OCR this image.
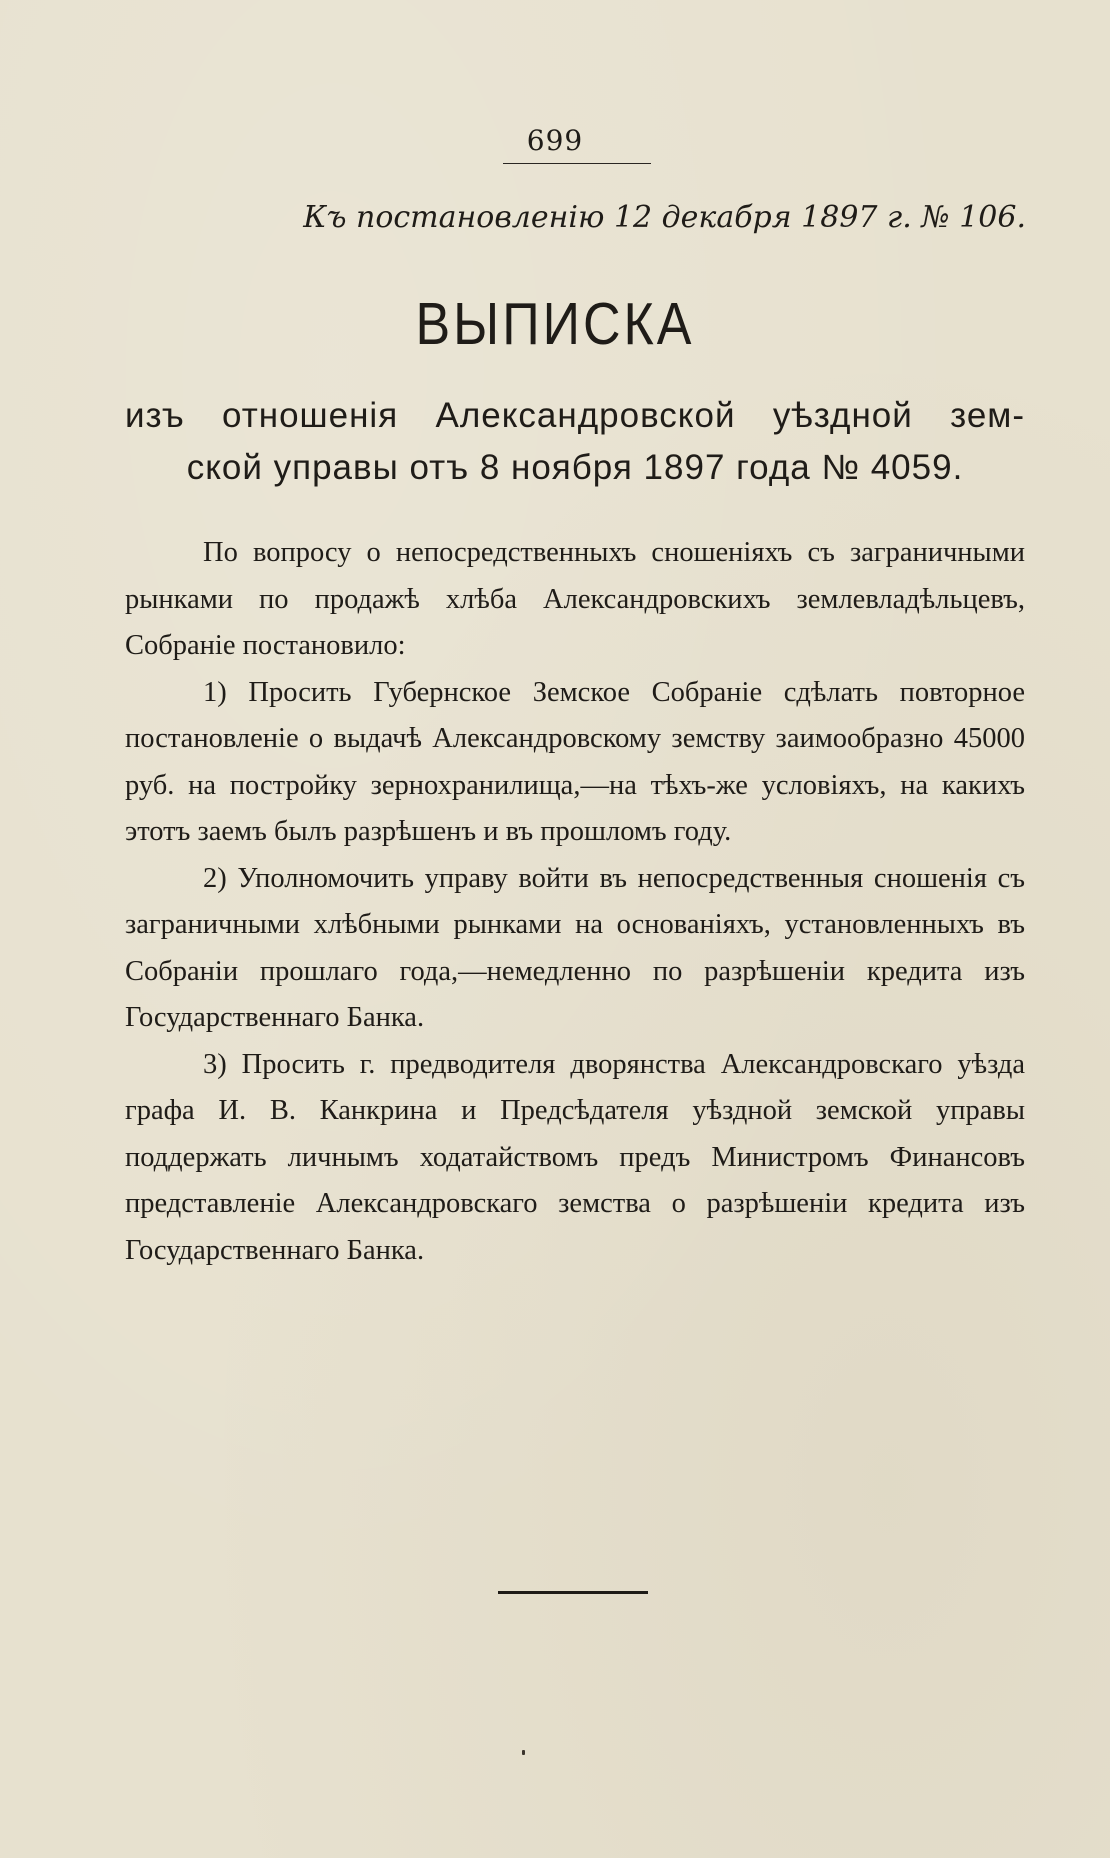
699
Къ постановленію 12 декабря 1897 г. № 106.
ВЫПИСКА
изъ отношенія Александровской уѣздной зем-
ской управы отъ 8 ноября 1897 года № 4059.

По вопросу о непосредственныхъ сношеніяхъ съ заграничными рынками по продажѣ хлѣба Александровскихъ землевладѣльцевъ, Собраніе постановило:

1) Просить Губернское Земское Собраніе сдѣлать повторное постановленіе о выдачѣ Александровскому земству заимообразно 45000 руб. на постройку зернохранилища,—на тѣхъ-же условіяхъ, на какихъ этотъ заемъ былъ разрѣшенъ и въ прошломъ году.

2) Уполномочить управу войти въ непосредственныя сношенія съ заграничными хлѣбными рынками на основаніяхъ, установленныхъ въ Собраніи прошлаго года,—немедленно по разрѣшеніи кредита изъ Государственнаго Банка.

3) Просить г. предводителя дворянства Александровскаго уѣзда графа И. В. Канкрина и Предсѣдателя уѣздной земской управы поддержать личнымъ ходатайствомъ предъ Министромъ Финансовъ представленіе Александровскаго земства о разрѣшеніи кредита изъ Государственнаго Банка.
